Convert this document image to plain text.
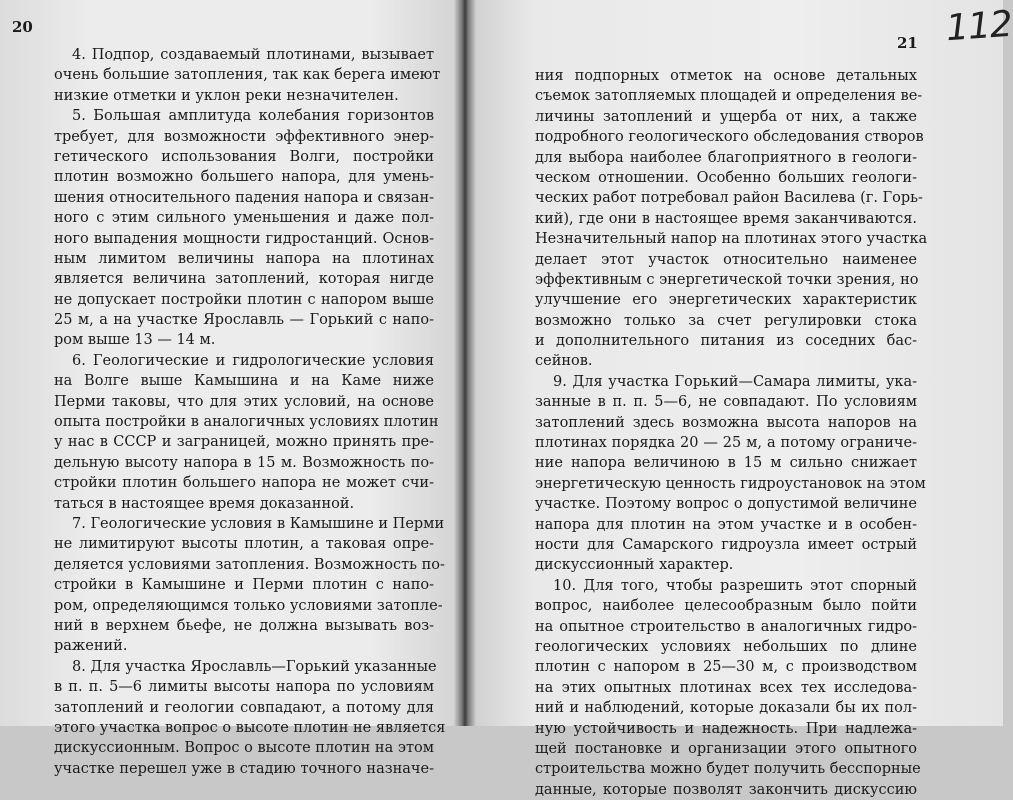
20
21 112
4. Подпор, создаваемый плотинами, вызывает
очень большие затопления, так как берега имеют
низкие отметки и уклон реки незначителен.
5. Большая амплитуда колебания горизонтов
требует, для возможности эффективного энер-
гетического использования Волги, постройки
плотин возможно большего напора, для умень-
шения относительного падения напора и связан-
ного с этим сильного уменьшения и даже пол-
ного выпадения мощности гидростанций. Основ-
ным лимитом величины напора на плотинах
является величина затоплений, которая нигде
не допускает постройки плотин с напором выше
25 м, а на участке Ярославль — Горький с напо-
ром выше 13 — 14 м.
6. Геологические и гидрологические условия
на Волге выше Камышина и на Каме ниже
Перми таковы, что для этих условий, на основе
опыта постройки в аналогичных условиях плотин
у нас в СССР и заграницей, можно принять пре-
дельную высоту напора в 15 м. Возможность по-
стройки плотин большего напора не может счи-
таться в настоящее время доказанной.
7. Геологические условия в Камышине и Перми
не лимитируют высоты плотин, а таковая опре-
деляется условиями затопления. Возможность по-
стройки в Камышине и Перми плотин с напо-
ром, определяющимся только условиями затопле-
ний в верхнем бьефе, не должна вызывать воз-
ражений.
8. Для участка Ярославль—Горький указанные
в п. п. 5—6 лимиты высоты напора по условиям
затоплений и геологии совпадают, а потому для
этого участка вопрос о высоте плотин не является
дискуссионным. Вопрос о высоте плотин на этом
участке перешел уже в стадию точного назначе-
ния подпорных отметок на основе детальных
съемок затопляемых площадей и определения ве-
личины затоплений и ущерба от них, а также
подробного геологического обследования створов
для выбора наиболее благоприятного в геологи-
ческом отношении. Особенно больших геологи-
ческих работ потребовал район Василева (г. Горь-
кий), где они в настоящее время заканчиваются.
Незначительный напор на плотинах этого участка
делает этот участок относительно наименее
эффективным с энергетической точки зрения, но
улучшение его энергетических характеристик
возможно только за счет регулировки стока
и дополнительного питания из соседних бас-
сейнов.
9. Для участка Горький—Самара лимиты, ука-
занные в п. п. 5—6, не совпадают. По условиям
затоплений здесь возможна высота напоров на
плотинах порядка 20 — 25 м, а потому ограниче-
ние напора величиною в 15 м сильно снижает
энергетическую ценность гидроустановок на этом
участке. Поэтому вопрос о допустимой величине
напора для плотин на этом участке и в особен-
ности для Самарского гидроузла имеет острый
дискуссионный характер.
10. Для того, чтобы разрешить этот спорный
вопрос, наиболее целесообразным было пойти
на опытное строительство в аналогичных гидро-
геологических условиях небольших по длине
плотин с напором в 25—30 м, с производством
на этих опытных плотинах всех тех исследова-
ний и наблюдений, которые доказали бы их пол-
ную устойчивость и надежность. При надлежа-
щей постановке и организации этого опытного
строительства можно будет получить бесспорные
данные, которые позволят закончить дискуссию
